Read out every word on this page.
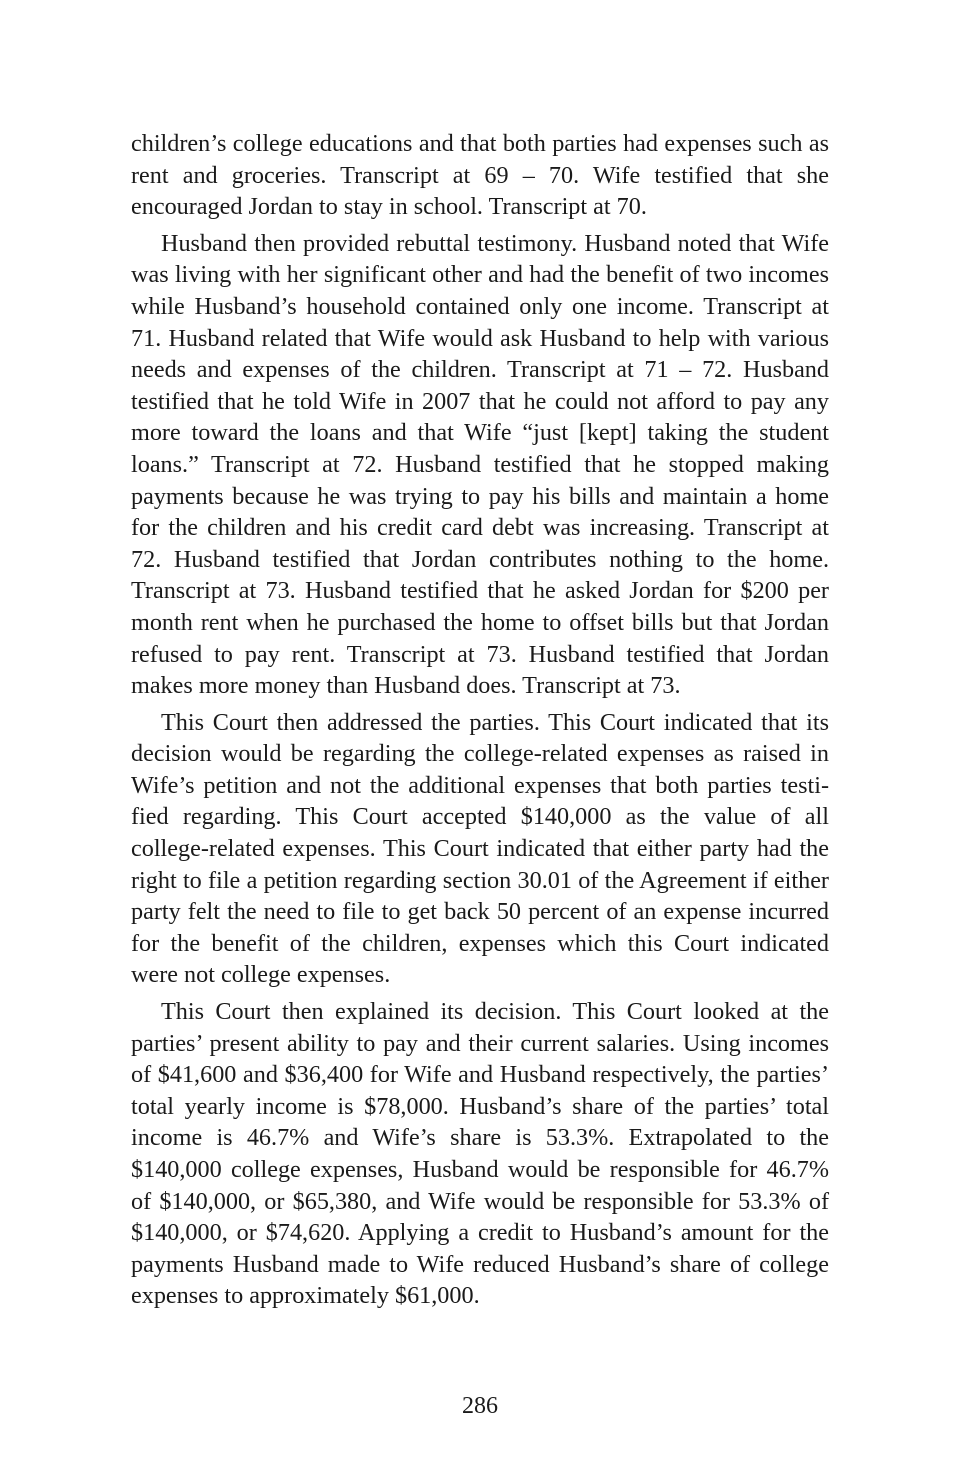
children’s college educations and that both parties had expenses such as rent and groceries. Transcript at 69 – 70. Wife testified that she encouraged Jordan to stay in school. Transcript at 70.

Husband then provided rebuttal testimony. Husband noted that Wife was living with her significant other and had the benefit of two incomes while Husband’s household contained only one income. Transcript at 71. Husband related that Wife would ask Husband to help with various needs and expenses of the children. Transcript at 71 – 72. Husband testified that he told Wife in 2007 that he could not afford to pay any more toward the loans and that Wife “just [kept] taking the student loans.” Transcript at 72. Husband testified that he stopped making payments because he was trying to pay his bills and maintain a home for the children and his credit card debt was increasing. Transcript at 72. Husband testified that Jordan contributes nothing to the home. Transcript at 73. Husband testified that he asked Jordan for $200 per month rent when he purchased the home to offset bills but that Jordan refused to pay rent. Transcript at 73. Husband testified that Jordan makes more money than Husband does. Transcript at 73.

This Court then addressed the parties. This Court indicated that its decision would be regarding the college-related expenses as raised in Wife’s petition and not the additional expenses that both parties testified regarding. This Court accepted $140,000 as the value of all college-related expenses. This Court indicated that either party had the right to file a petition regarding section 30.01 of the Agreement if either party felt the need to file to get back 50 percent of an expense incurred for the benefit of the children, expenses which this Court indicated were not college expenses.

This Court then explained its decision. This Court looked at the parties’ present ability to pay and their current salaries. Using incomes of $41,600 and $36,400 for Wife and Husband respectively, the parties’ total yearly income is $78,000. Husband’s share of the parties’ total income is 46.7% and Wife’s share is 53.3%. Extrapolated to the $140,000 college expenses, Husband would be responsible for 46.7% of $140,000, or $65,380, and Wife would be responsible for 53.3% of $140,000, or $74,620. Applying a credit to Husband’s amount for the payments Husband made to Wife reduced Husband’s share of college expenses to approximately $61,000.

286
